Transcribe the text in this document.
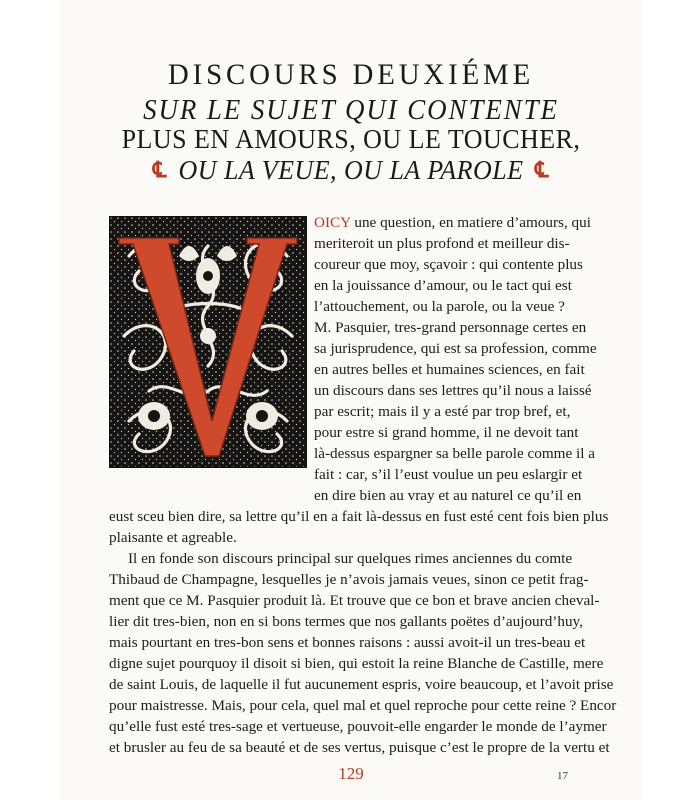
DISCOURS DEUXIÉME
SUR LE SUJET QUI CONTENTE
PLUS EN AMOURS, OU LE TOUCHER,
℄ OU LA VEUE, OU LA PAROLE ℄
OICY une question, en matiere d’amours, qui
meriteroit un plus profond et meilleur dis-
coureur que moy, sçavoir : qui contente plus
en la jouissance d’amour, ou le tact qui est
l’attouchement, ou la parole, ou la veue ?
M. Pasquier, tres-grand personnage certes en
sa jurisprudence, qui est sa profession, comme
en autres belles et humaines sciences, en fait
un discours dans ses lettres qu’il nous a laissé
par escrit; mais il y a esté par trop bref, et,
pour estre si grand homme, il ne devoit tant
là-dessus espargner sa belle parole comme il a
fait : car, s’il l’eust voulue un peu eslargir et
en dire bien au vray et au naturel ce qu’il en
eust sceu bien dire, sa lettre qu’il en a fait là-dessus en fust esté cent fois bien plus
plaisante et agreable.
Il en fonde son discours principal sur quelques rimes anciennes du comte
Thibaud de Champagne, lesquelles je n’avois jamais veues, sinon ce petit frag-
ment que ce M. Pasquier produit là. Et trouve que ce bon et brave ancien cheval-
lier dit tres-bien, non en si bons termes que nos gallants poëtes d’aujourd’huy,
mais pourtant en tres-bon sens et bonnes raisons : aussi avoit-il un tres-beau et
digne sujet pourquoy il disoit si bien, qui estoit la reine Blanche de Castille, mere
de saint Louis, de laquelle il fut aucunement espris, voire beaucoup, et l’avoit prise
pour maistresse. Mais, pour cela, quel mal et quel reproche pour cette reine ? Encor
qu’elle fust esté tres-sage et vertueuse, pouvoit-elle engarder le monde de l’aymer
et brusler au feu de sa beauté et de ses vertus, puisque c’est le propre de la vertu et
129	17
